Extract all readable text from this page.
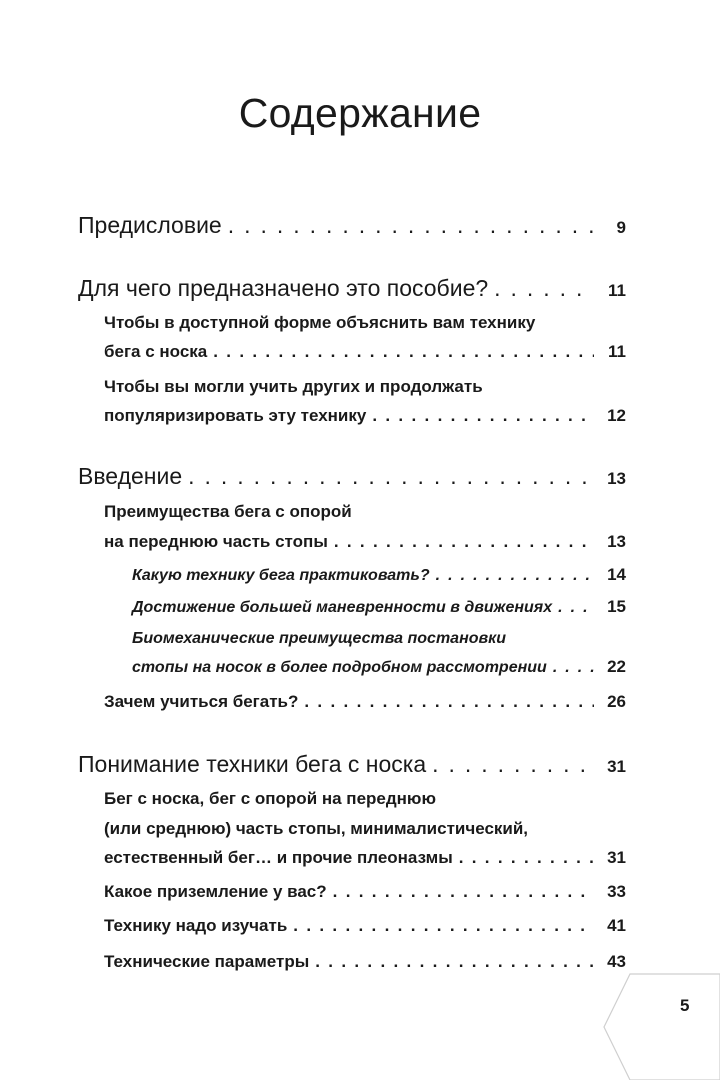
Содержание
Предисловие . . .	9
Для чего предназначено это пособие? . . .	11
Чтобы в доступной форме объяснить вам технику
бега с носка . . .	11
Чтобы вы могли учить других и продолжать
популяризировать эту технику . . .	12
Введение . . .	13
Преимущества бега с опорой
на переднюю часть стопы . . .	13
Какую технику бега практиковать? . . .	14
Достижение большей маневренности в движениях . . .	15
Биомеханические преимущества постановки
стопы на носок в более подробном рассмотрении . . .	22
Зачем учиться бегать? . . .	26
Понимание техники бега с носка . . .	31
Бег с носка, бег с опорой на переднюю
(или среднюю) часть стопы, минималистический,
естественный бег… и прочие плеоназмы . . .	31
Какое приземление у вас? . . .	33
Технику надо изучать . . .	41
Технические параметры . . .	43
5
